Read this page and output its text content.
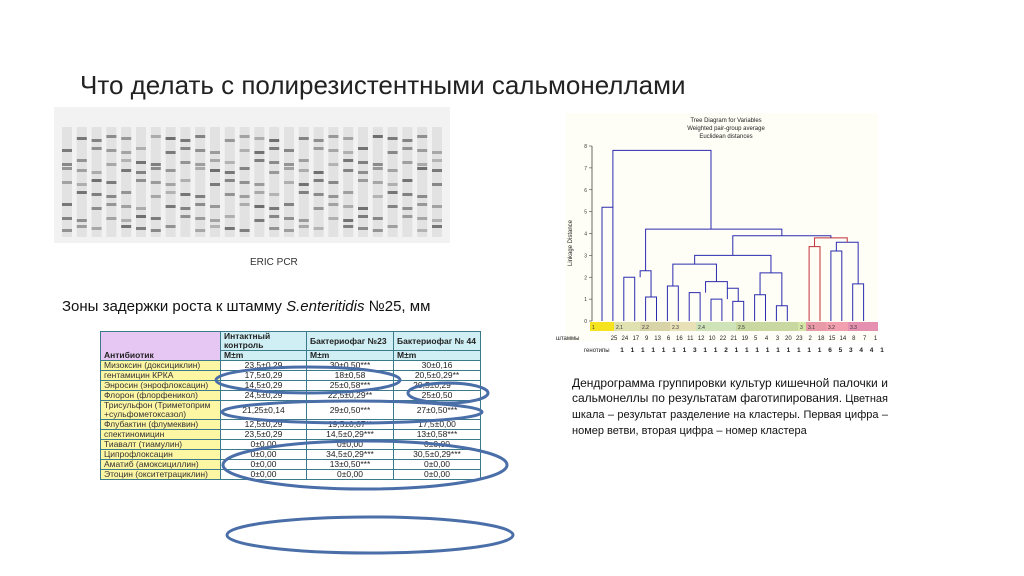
Что делать с полирезистентными сальмонеллами
ERIC PCR
Зоны задержки роста к штамму S.enteritidis №25, мм
Антибиотик	Интактный контроль	Бактериофаг №23	Бактериофаг № 44
	M±m	M±m	M±m
Мизоксин (доксициклин)	23,5±0,29	30±0,50***	30±0,16
гентамицин КРКА	17,5±0,29	18±0,58	20,5±0,29**
Энросин (энрофлоксацин)	14,5±0,29	25±0,58***	20,5±0,29***
Флорон (флорфеникол)	24,5±0,29	22,5±0,29**	25±0,50
Трисульфон (Триметоприм +сульфометоксазол)	21,25±0,14	29±0,50***	27±0,50***
Флубактин (флумеквин)	12,5±0,29	19,5±0,87**	17,5±0,00
спектиномицин	23,5±0,29	14,5±0,29***	13±0,58***
Тиавалт (тиамулин)	0±0,00	0±0,00	0±0,00
Ципрофлоксацин	0±0,00	34,5±0,29***	30,5±0,29***
Аматиб (амоксициллин)	0±0,00	13±0,50***	0±0,00
Этоцин (окситетрациклин)	0±0,00	0±0,00	0±0,00
Tree Diagram for Variables
Weighted pair-group average
Euclidean distances
Linkage Distance
0
1
2
3
4
5
6
7
8
1	2.1	2.2	2.3	2.4	2.5	3 3.1	3.2	3.3
штаммы	25 24 17 9 13 6 16 11 12 10 22 21 19 5 4 3 20 23 2 18 15 14 8 7 1
генотипы 1 1 1 1 1 1 1 3 1 1 2 1 1 1 1 1 1 1 1 1 6 5 3 4 4 1
Дендрограмма группировки культур кишечной палочки и сальмонеллы по результатам фаготипирования. Цветная шкала – результат разделение на кластеры. Первая цифра – номер ветви, вторая цифра – номер кластера
